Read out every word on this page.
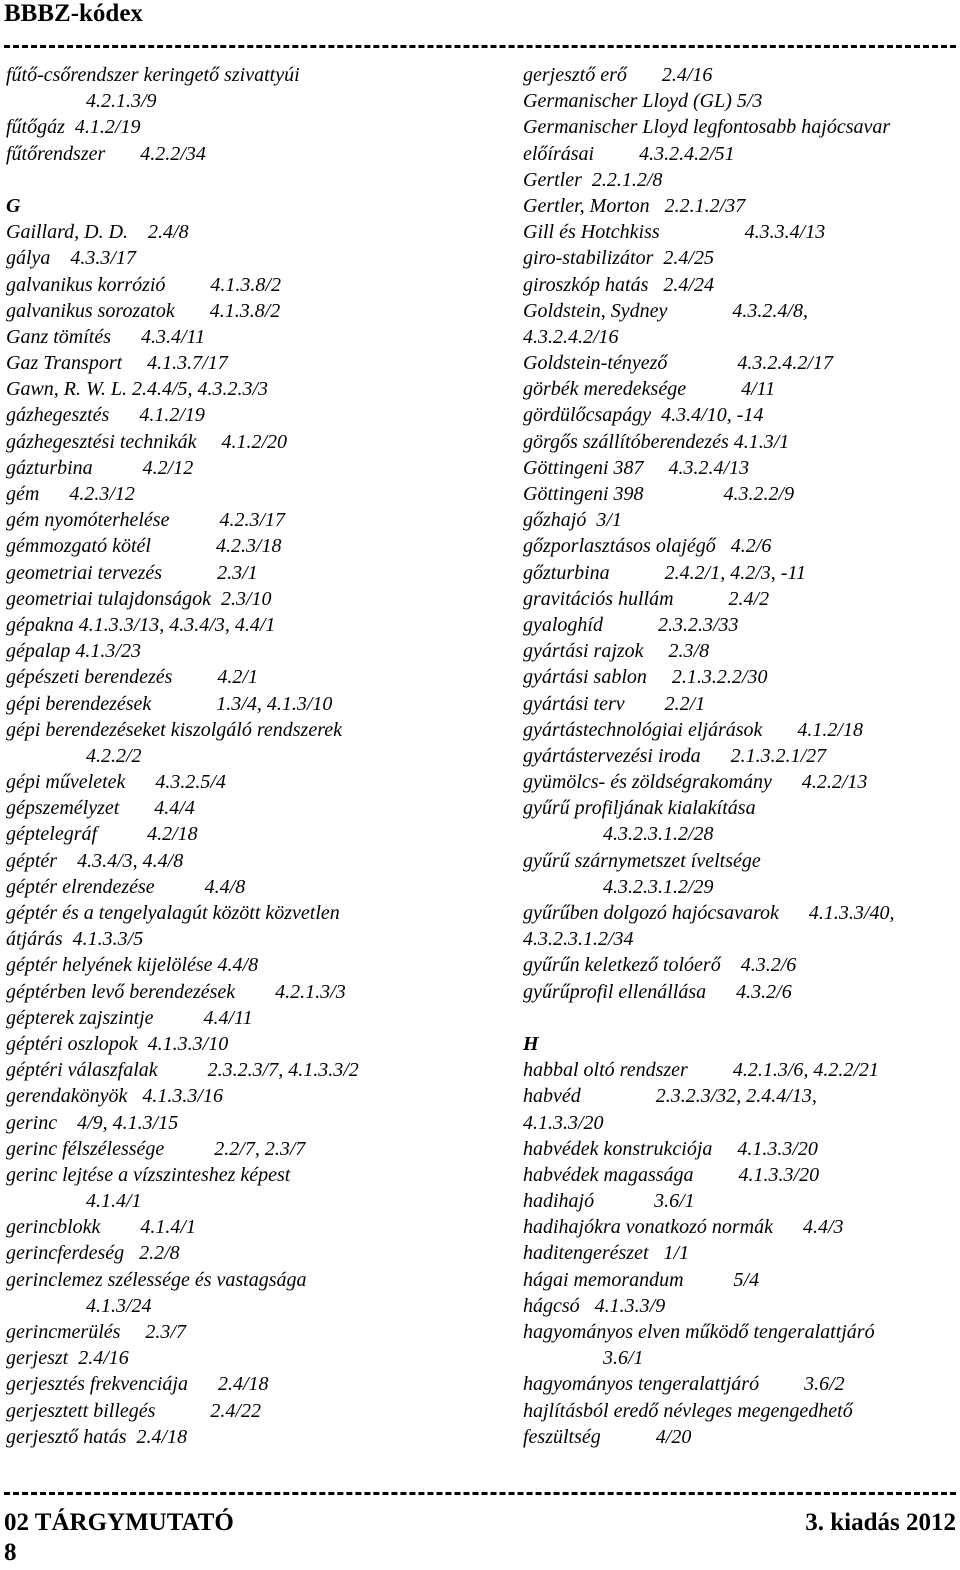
BBBZ-kódex
fűtő-csőrendszer keringető szivattyúi
4.2.1.3/9
fűtőgáz  4.1.2/19
fűtőrendszer       4.2.2/34
G
Gaillard, D. D.    2.4/8
gálya    4.3.3/17
galvanikus korrózió         4.1.3.8/2
galvanikus sorozatok       4.1.3.8/2
Ganz tömítés      4.3.4/11
Gaz Transport     4.1.3.7/17
Gawn, R. W. L. 2.4.4/5, 4.3.2.3/3
gázhegesztés      4.1.2/19
gázhegesztési technikák     4.1.2/20
gázturbina          4.2/12
gém      4.2.3/12
gém nyomóterhelése          4.2.3/17
gémmozgató kötél             4.2.3/18
geometriai tervezés           2.3/1
geometriai tulajdonságok  2.3/10
gépakna 4.1.3.3/13, 4.3.4/3, 4.4/1
gépalap 4.1.3/23
gépészeti berendezés         4.2/1
gépi berendezések             1.3/4, 4.1.3/10
gépi berendezéseket kiszolgáló rendszerek
4.2.2/2
gépi műveletek      4.3.2.5/4
gépszemélyzet       4.4/4
géptelegráf          4.2/18
géptér    4.3.4/3, 4.4/8
géptér elrendezése          4.4/8
géptér és a tengelyalagút között közvetlen
átjárás  4.1.3.3/5
géptér helyének kijelölése 4.4/8
géptérben levő berendezések        4.2.1.3/3
gépterek zajszintje          4.4/11
géptéri oszlopok  4.1.3.3/10
géptéri válaszfalak          2.3.2.3/7, 4.1.3.3/2
gerendakönyök   4.1.3.3/16
gerinc    4/9, 4.1.3/15
gerinc félszélessége          2.2/7, 2.3/7
gerinc lejtése a vízszinteshez képest
4.1.4/1
gerincblokk        4.1.4/1
gerincferdeség   2.2/8
gerinclemez szélessége és vastagsága
4.1.3/24
gerincmerülés     2.3/7
gerjeszt  2.4/16
gerjesztés frekvenciája      2.4/18
gerjesztett billegés           2.4/22
gerjesztő hatás  2.4/18
gerjesztő erő       2.4/16
Germanischer Lloyd (GL) 5/3
Germanischer Lloyd legfontosabb hajócsavar
előírásai         4.3.2.4.2/51
Gertler  2.2.1.2/8
Gertler, Morton   2.2.1.2/37
Gill és Hotchkiss                 4.3.3.4/13
giro-stabilizátor  2.4/25
giroszkóp hatás   2.4/24
Goldstein, Sydney             4.3.2.4/8,
4.3.2.4.2/16
Goldstein-tényező              4.3.2.4.2/17
görbék meredeksége           4/11
gördülőcsapágy  4.3.4/10, -14
görgős szállítóberendezés 4.1.3/1
Göttingeni 387     4.3.2.4/13
Göttingeni 398                4.3.2.2/9
gőzhajó  3/1
gőzporlasztásos olajégő   4.2/6
gőzturbina           2.4.2/1, 4.2/3, -11
gravitációs hullám           2.4/2
gyaloghíd           2.3.2.3/33
gyártási rajzok     2.3/8
gyártási sablon     2.1.3.2.2/30
gyártási terv        2.2/1
gyártástechnológiai eljárások       4.1.2/18
gyártástervezési iroda      2.1.3.2.1/27
gyümölcs- és zöldségrakomány      4.2.2/13
gyűrű profiljának kialakítása
4.3.2.3.1.2/28
gyűrű szárnymetszet íveltsége
4.3.2.3.1.2/29
gyűrűben dolgozó hajócsavarok      4.1.3.3/40,
4.3.2.3.1.2/34
gyűrűn keletkező tolóerő    4.3.2/6
gyűrűprofil ellenállása      4.3.2/6
H
habbal oltó rendszer         4.2.1.3/6, 4.2.2/21
habvéd               2.3.2.3/32, 2.4.4/13,
4.1.3.3/20
habvédek konstrukciója     4.1.3.3/20
habvédek magassága         4.1.3.3/20
hadihajó            3.6/1
hadihajókra vonatkozó normák      4.4/3
haditengerészet   1/1
hágai memorandum          5/4
hágcsó   4.1.3.3/9
hagyományos elven működő tengeralattjáró
3.6/1
hagyományos tengeralattjáró         3.6/2
hajlításból eredő névleges megengedhető
feszültség           4/20
02 TÁRGYMUTATÓ	3. kiadás 2012
8
